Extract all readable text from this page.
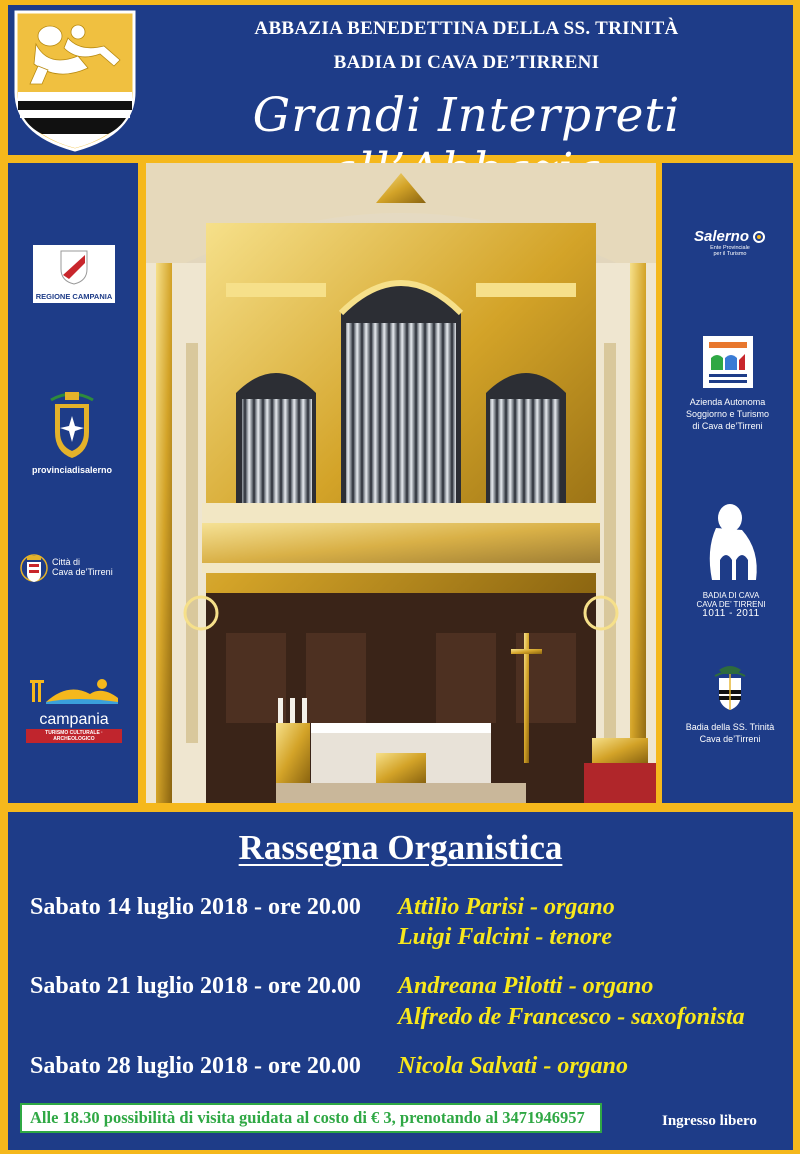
ABBAZIA BENEDETTINA DELLA SS. TRINITÀ
BADIA DI CAVA DE’TIRRENI
Grandi Interpreti
REGIONE CAMPANIA
provinciadisalerno
Città di
Cava de’Tirreni
campania
TURISMO CULTURALE · ARCHEOLOGICO
Salerno
Ente Provinciale
per il Turismo
Azienda Autonoma
Soggiorno e Turismo
di Cava de’Tirreni
BADIA DI CAVA
CAVA DE’ TIRRENI
1011 - 2011
Badia della SS. Trinità
Cava de’Tirreni
Rassegna Organistica
Sabato 14 luglio 2018 - ore 20.00 Attilio Parisi - organo
Luigi Falcini - tenore
Sabato 21 luglio 2018 - ore 20.00 Andreana Pilotti - organo
Alfredo de Francesco - saxofonista
Sabato 28 luglio 2018 - ore 20.00 Nicola Salvati - organo
Alle 18.30 possibilità di visita guidata al costo di € 3, prenotando al 3471946957	Ingresso libero
